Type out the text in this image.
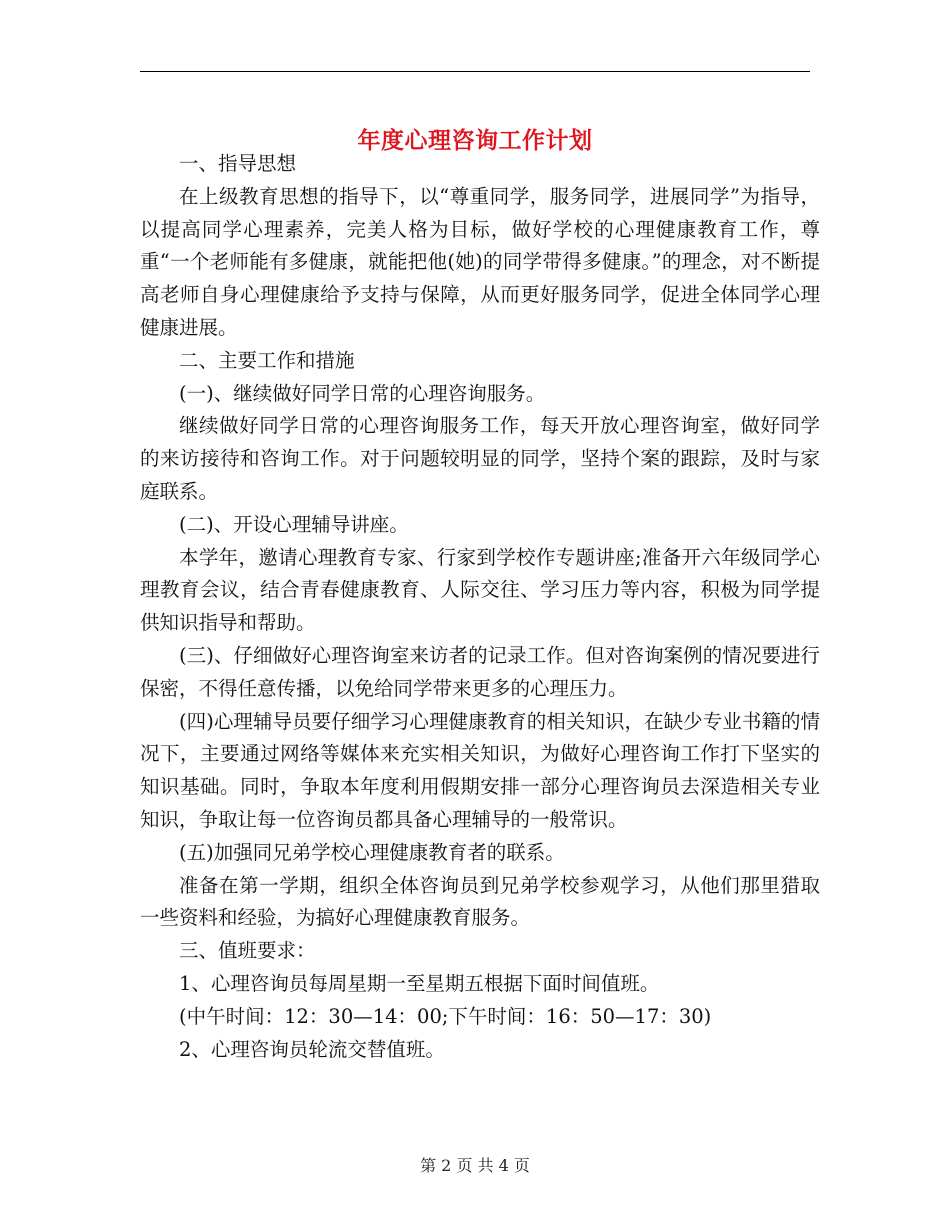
年度心理咨询工作计划

一、指导思想

在上级教育思想的指导下，以“尊重同学，服务同学，进展同学”为指导，以提高同学心理素养，完美人格为目标，做好学校的心理健康教育工作，尊重“一个老师能有多健康，就能把他(她)的同学带得多健康。”的理念，对不断提高老师自身心理健康给予支持与保障，从而更好服务同学，促进全体同学心理健康进展。

二、主要工作和措施

(一)、继续做好同学日常的心理咨询服务。

继续做好同学日常的心理咨询服务工作，每天开放心理咨询室，做好同学的来访接待和咨询工作。对于问题较明显的同学，坚持个案的跟踪，及时与家庭联系。

(二)、开设心理辅导讲座。

本学年，邀请心理教育专家、行家到学校作专题讲座;准备开六年级同学心理教育会议，结合青春健康教育、人际交往、学习压力等内容，积极为同学提供知识指导和帮助。

(三)、仔细做好心理咨询室来访者的记录工作。但对咨询案例的情况要进行保密，不得任意传播，以免给同学带来更多的心理压力。

(四)心理辅导员要仔细学习心理健康教育的相关知识，在缺少专业书籍的情况下，主要通过网络等媒体来充实相关知识，为做好心理咨询工作打下坚实的知识基础。同时，争取本年度利用假期安排一部分心理咨询员去深造相关专业知识，争取让每一位咨询员都具备心理辅导的一般常识。

(五)加强同兄弟学校心理健康教育者的联系。

准备在第一学期，组织全体咨询员到兄弟学校参观学习，从他们那里猎取一些资料和经验，为搞好心理健康教育服务。

三、值班要求：

1、心理咨询员每周星期一至星期五根据下面时间值班。

(中午时间：12：30—14：00;下午时间：16：50—17：30)

2、心理咨询员轮流交替值班。

第 2 页 共 4 页
